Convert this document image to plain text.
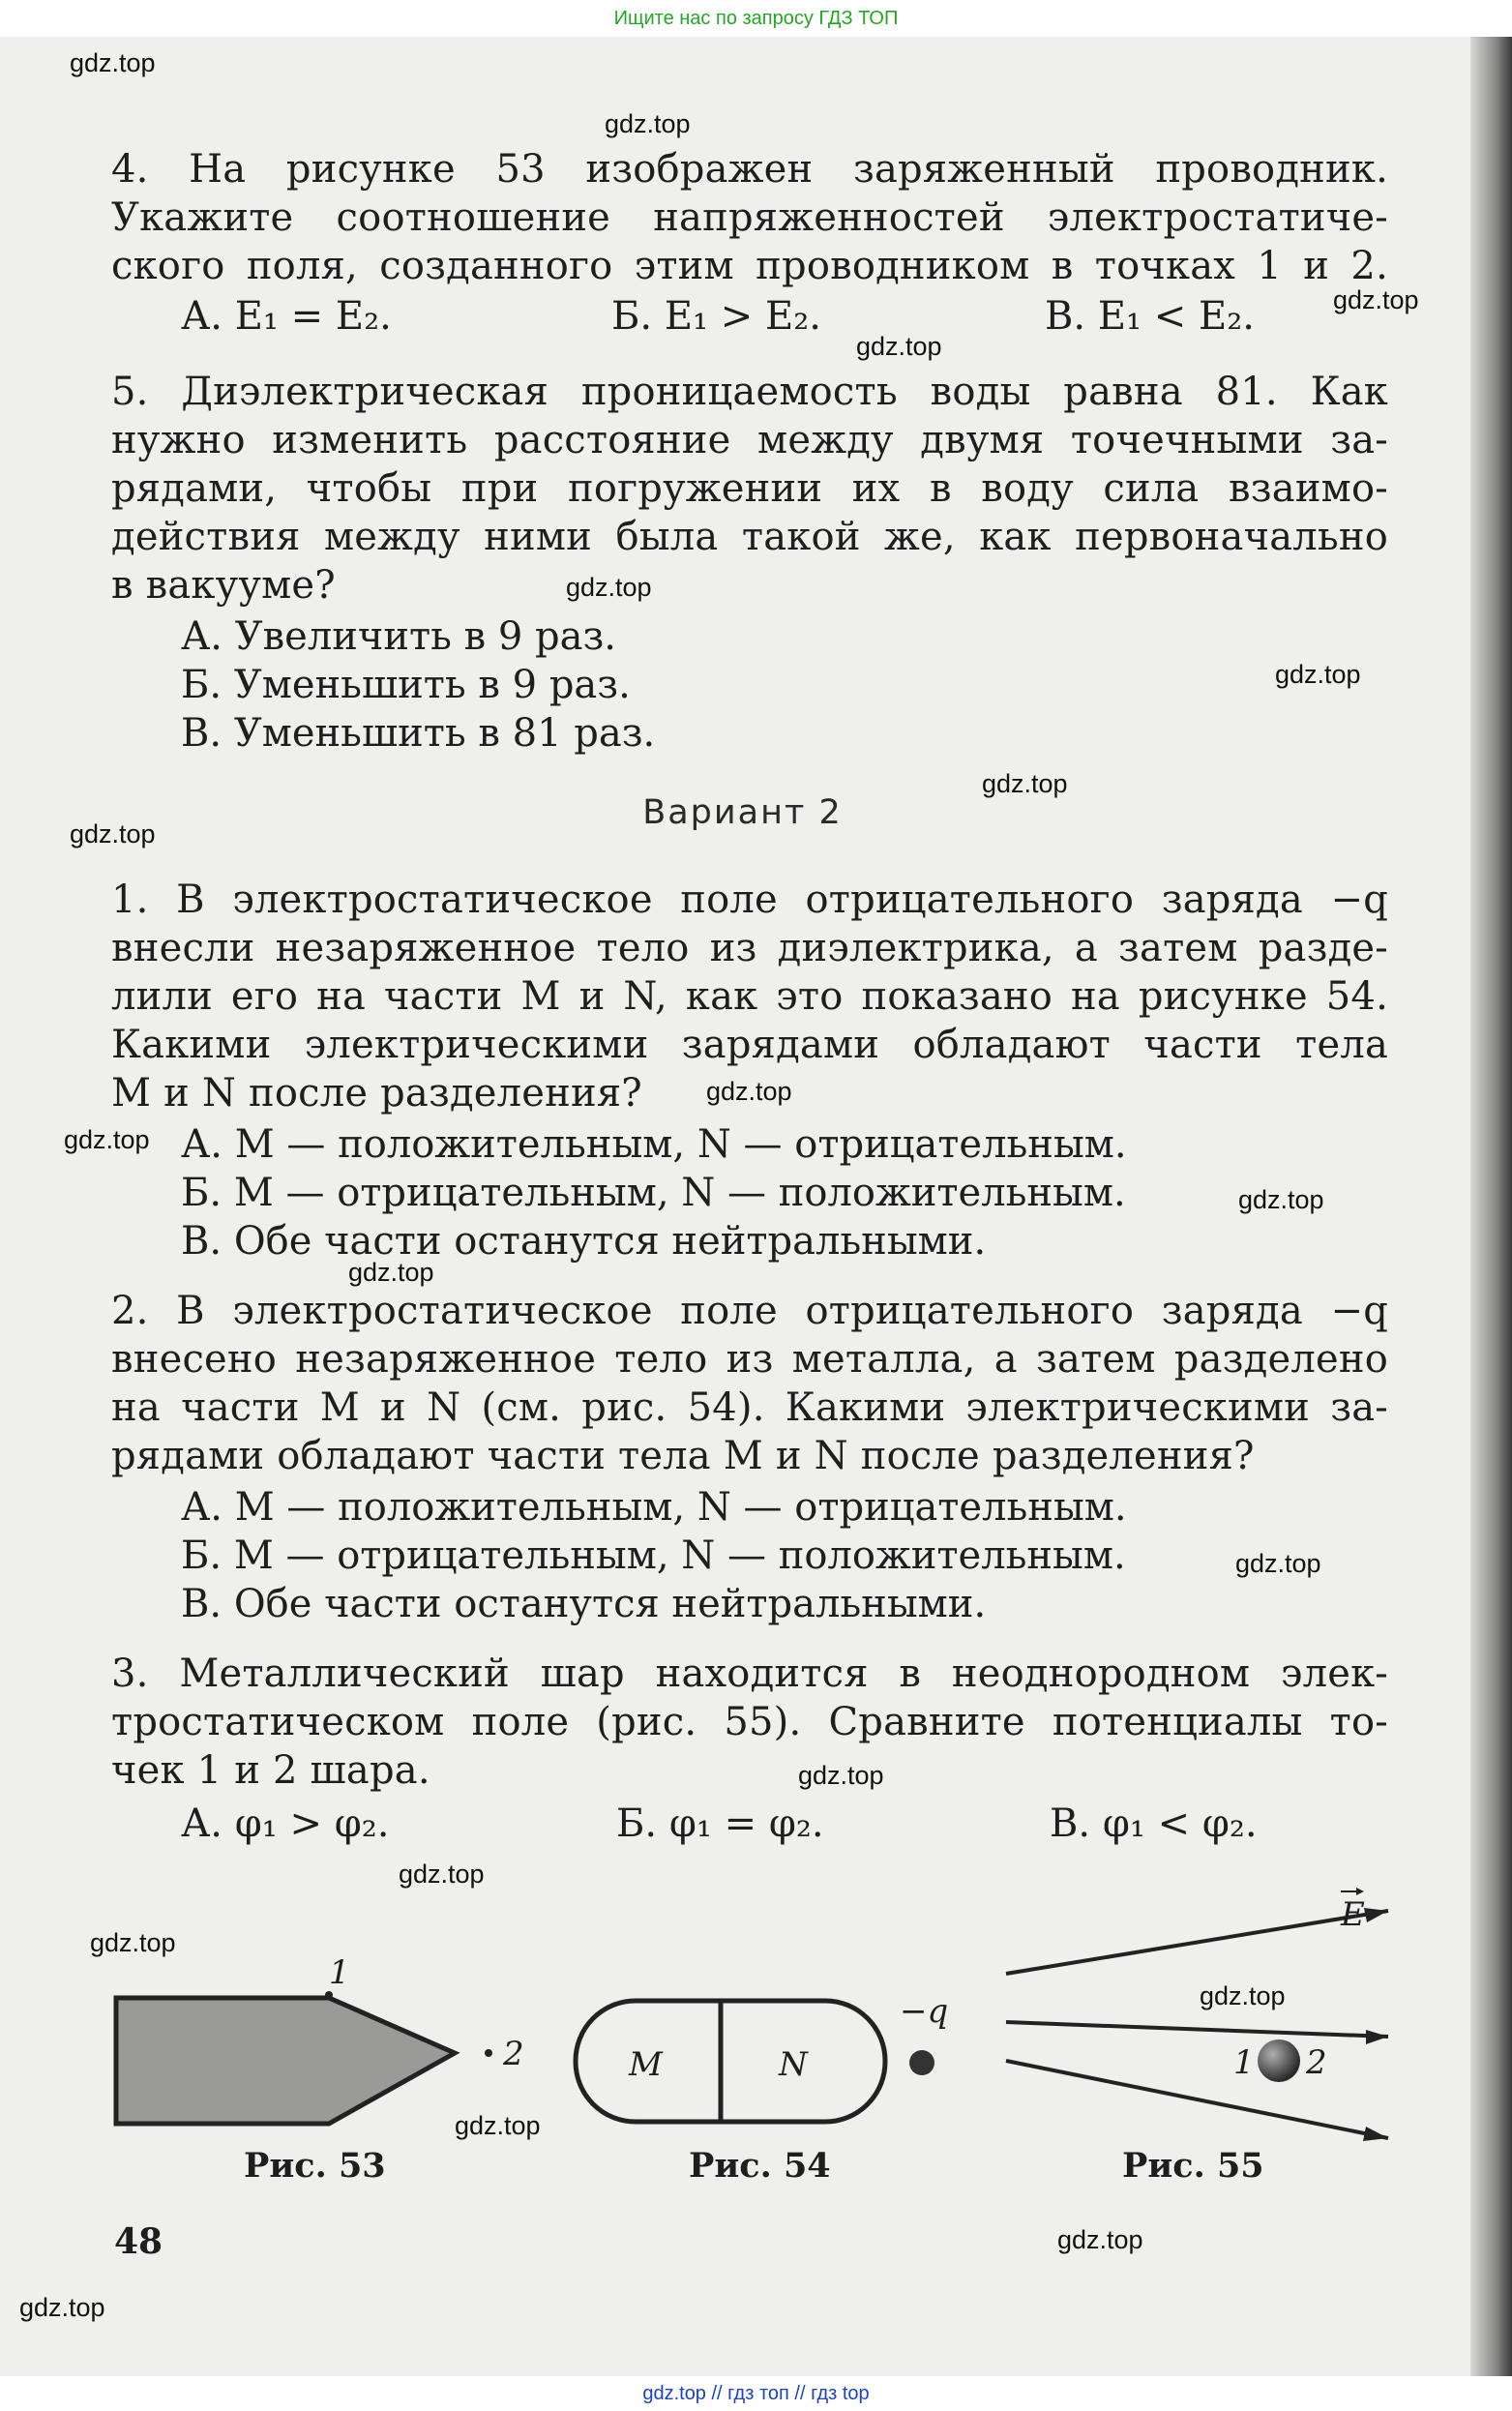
Ищите нас по запросу ГДЗ ТОП
4. На рисунке 53 изображен заряженный проводник.
Укажите соотношение напряженностей электростатиче-
ского поля, созданного этим проводником в точках 1 и 2.
А. E₁ = E₂.	Б. E₁ > E₂.	В. E₁ < E₂.
5. Диэлектрическая проницаемость воды равна 81. Как
нужно изменить расстояние между двумя точечными за-
рядами, чтобы при погружении их в воду сила взаимо-
действия между ними была такой же, как первоначально
в вакууме?
А. Увеличить в 9 раз.
Б. Уменьшить в 9 раз.
В. Уменьшить в 81 раз.
Вариант 2
1. В электростатическое поле отрицательного заряда −q
внесли незаряженное тело из диэлектрика, а затем разде-
лили его на части M и N, как это показано на рисунке 54.
Какими электрическими зарядами обладают части тела
M и N после разделения?
А. M — положительным, N — отрицательным.
Б. M — отрицательным, N — положительным.
В. Обе части останутся нейтральными.
2. В электростатическое поле отрицательного заряда −q
внесено незаряженное тело из металла, а затем разделено
на части M и N (см. рис. 54). Какими электрическими за-
рядами обладают части тела M и N после разделения?
А. M — положительным, N — отрицательным.
Б. M — отрицательным, N — положительным.
В. Обе части останутся нейтральными.
3. Металлический шар находится в неоднородном элек-
тростатическом поле (рис. 55). Сравните потенциалы то-
чек 1 и 2 шара.
А. φ₁ > φ₂.	Б. φ₁ = φ₂.	В. φ₁ < φ₂.
1
2
Рис. 53
M	N
−q
Рис. 54
E
1 2
Рис. 55
48
gdz.top
gdz.top
gdz.top
gdz.top
gdz.top
gdz.top
gdz.top
gdz.top
gdz.top
gdz.top
gdz.top
gdz.top
gdz.top
gdz.top
gdz.top
gdz.top
gdz.top
gdz.top
gdz.top
gdz.top
gdz.top // гдз топ // гдз top
